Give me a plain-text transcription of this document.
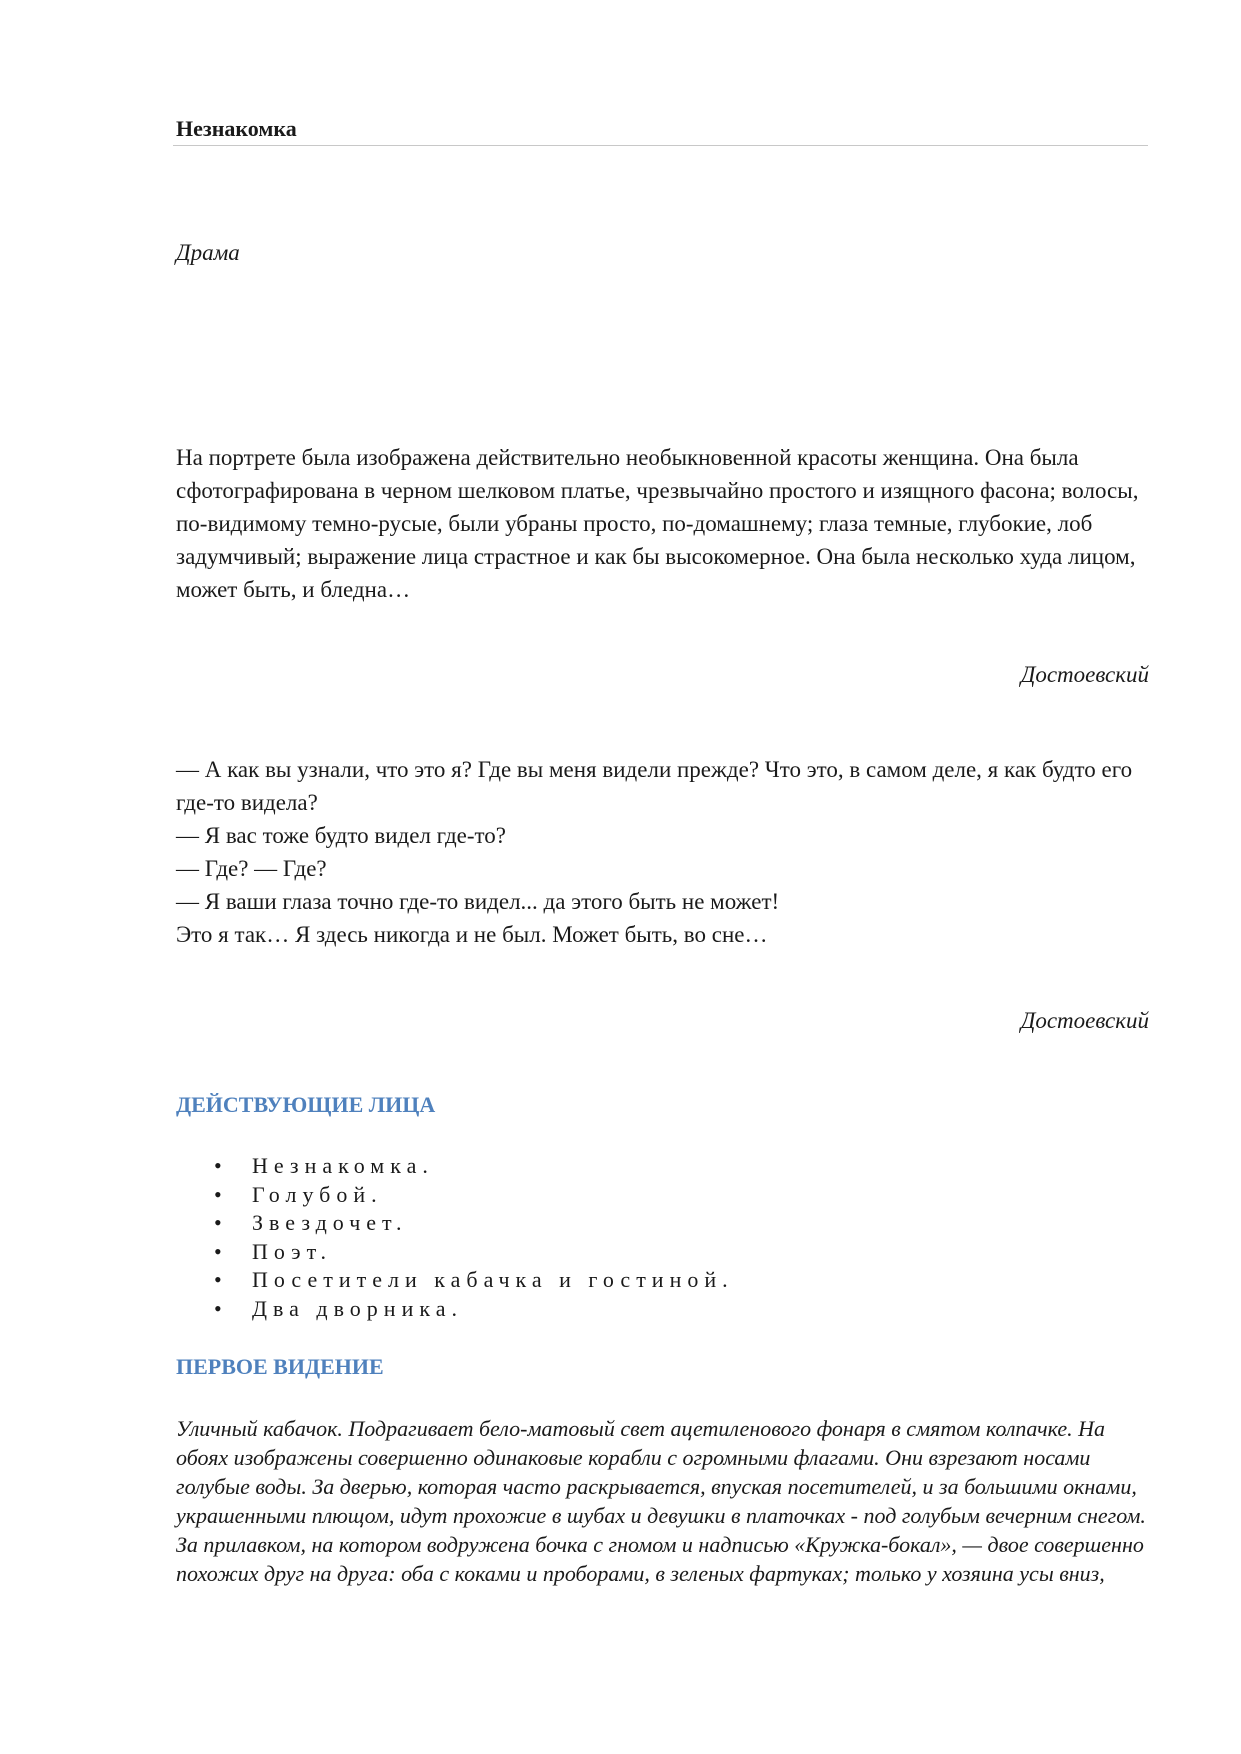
Незнакомка
Драма

На портрете была изображена действительно необыкновенной красоты женщина. Она была сфотографирована в черном шелковом платье, чрезвычайно простого и изящного фасона; волосы, по-видимому темно-русые, были убраны просто, по-домашнему; глаза темные, глубокие, лоб задумчивый; выражение лица страстное и как бы высокомерное. Она была несколько худа лицом, может быть, и бледна…

Достоевский

— А как вы узнали, что это я? Где вы меня видели прежде? Что это, в самом деле, я как будто его где-то видела?

— Я вас тоже будто видел где-то?

— Где? — Где?

— Я ваши глаза точно где-то видел... да этого быть не может!

Это я так… Я здесь никогда и не был. Может быть, во сне…

Достоевский
ДЕЙСТВУЮЩИЕ ЛИЦА
• Незнакомка.
• Голубой.
• Звездочет.
• Поэт.
• Посетители кабачка и гостиной.
• Два дворника.
ПЕРВОЕ ВИДЕНИЕ

Уличный кабачок. Подрагивает бело-матовый свет ацетиленового фонаря в смятом колпачке. На обоях изображены совершенно одинаковые корабли с огромными флагами. Они взрезают носами голубые воды. За дверью, которая часто раскрывается, впуская посетителей, и за большими окнами, украшенными плющом, идут прохожие в шубах и девушки в платочках - под голубым вечерним снегом. За прилавком, на котором водружена бочка с гномом и надписью «Кружка-бокал», — двое совершенно похожих друг на друга: оба с коками и проборами, в зеленых фартуках; только у хозяина усы вниз,
